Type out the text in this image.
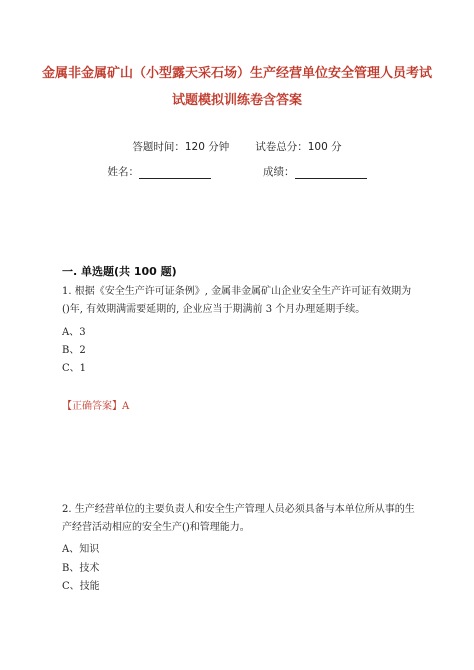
金属非金属矿山（小型露天采石场）生产经营单位安全管理人员考试试题模拟训练卷含答案
答题时间：120 分钟 试卷总分：100 分
姓名：	成绩：
一. 单选题(共 100 题)

1. 根据《安全生产许可证条例》, 金属非金属矿山企业安全生产许可证有效期为()年, 有效期满需要延期的, 企业应当于期满前 3 个月办理延期手续。

A、3
B、2
C、1
【正确答案】A

2. 生产经营单位的主要负责人和安全生产管理人员必须具备与本单位所从事的生产经营活动相应的安全生产()和管理能力。

A、知识
B、技术
C、技能
